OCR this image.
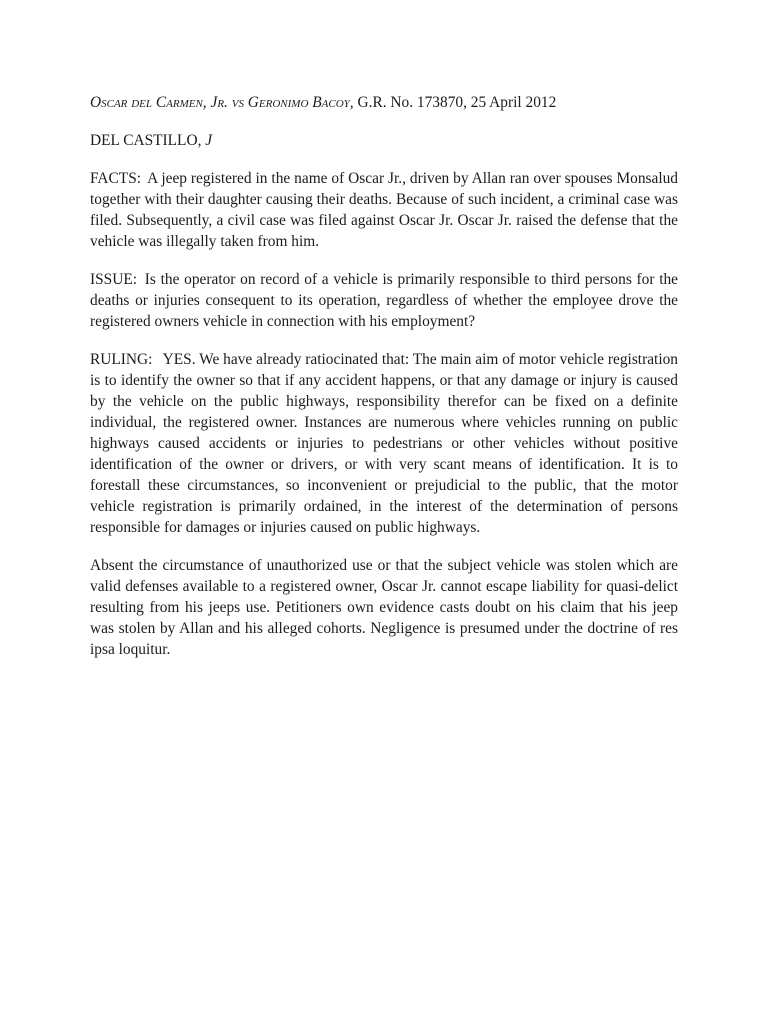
Oscar del Carmen, Jr. vs Geronimo Bacoy, G.R. No. 173870, 25 April 2012

DEL CASTILLO, J

FACTS: A jeep registered in the name of Oscar Jr., driven by Allan ran over spouses Monsalud together with their daughter causing their deaths. Because of such incident, a criminal case was filed. Subsequently, a civil case was filed against Oscar Jr. Oscar Jr. raised the defense that the vehicle was illegally taken from him.

ISSUE: Is the operator on record of a vehicle is primarily responsible to third persons for the deaths or injuries consequent to its operation, regardless of whether the employee drove the registered owners vehicle in connection with his employment?

RULING: YES. We have already ratiocinated that: The main aim of motor vehicle registration is to identify the owner so that if any accident happens, or that any damage or injury is caused by the vehicle on the public highways, responsibility therefor can be fixed on a definite individual, the registered owner. Instances are numerous where vehicles running on public highways caused accidents or injuries to pedestrians or other vehicles without positive identification of the owner or drivers, or with very scant means of identification. It is to forestall these circumstances, so inconvenient or prejudicial to the public, that the motor vehicle registration is primarily ordained, in the interest of the determination of persons responsible for damages or injuries caused on public highways.

Absent the circumstance of unauthorized use or that the subject vehicle was stolen which are valid defenses available to a registered owner, Oscar Jr. cannot escape liability for quasi-delict resulting from his jeeps use. Petitioners own evidence casts doubt on his claim that his jeep was stolen by Allan and his alleged cohorts. Negligence is presumed under the doctrine of res ipsa loquitur.
